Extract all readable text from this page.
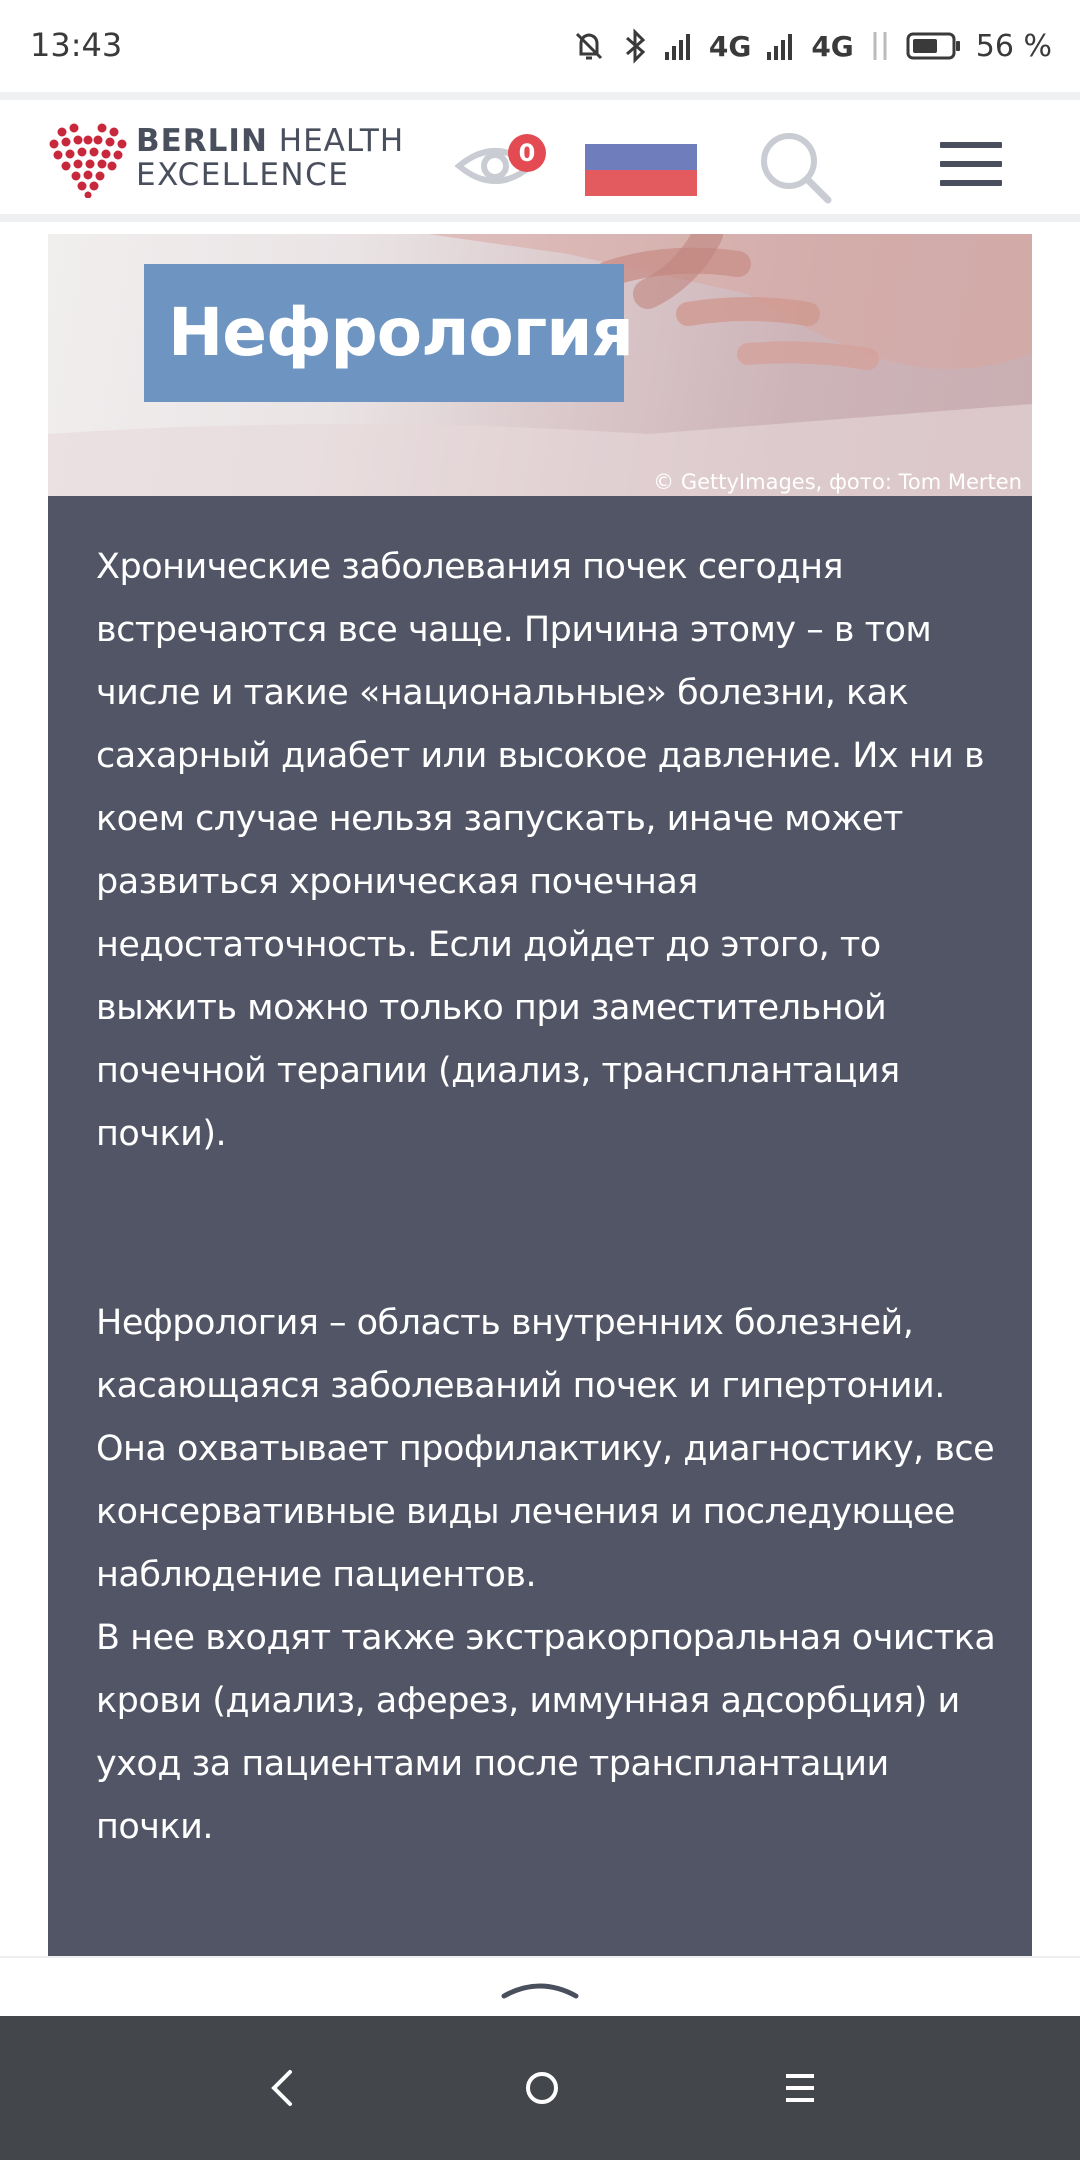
13:43	4G 4G	56 %
BERLIN HEALTH
EXCELLENCE
0
Нефрология
© GettyImages, фото: Tom Merten

Хронические заболевания почек сегодня встречаются все чаще. Причина этому – в том числе и такие «национальные» болезни, как сахарный диабет или высокое давление. Их ни в коем случае нельзя запускать, иначе может развиться хроническая почечная недостаточность. Если дойдет до этого, то выжить можно только при заместительной почечной терапии (диализ, трансплантация почки).

Нефрология – область внутренних болезней, касающаяся заболеваний почек и гипертонии. Она охватывает профилактику, диагностику, все консервативные виды лечения и последующее наблюдение пациентов.

В нее входят также экстракорпоральная очистка крови (диализ, аферез, иммунная адсорбция) и уход за пациентами после трансплантации почки.
